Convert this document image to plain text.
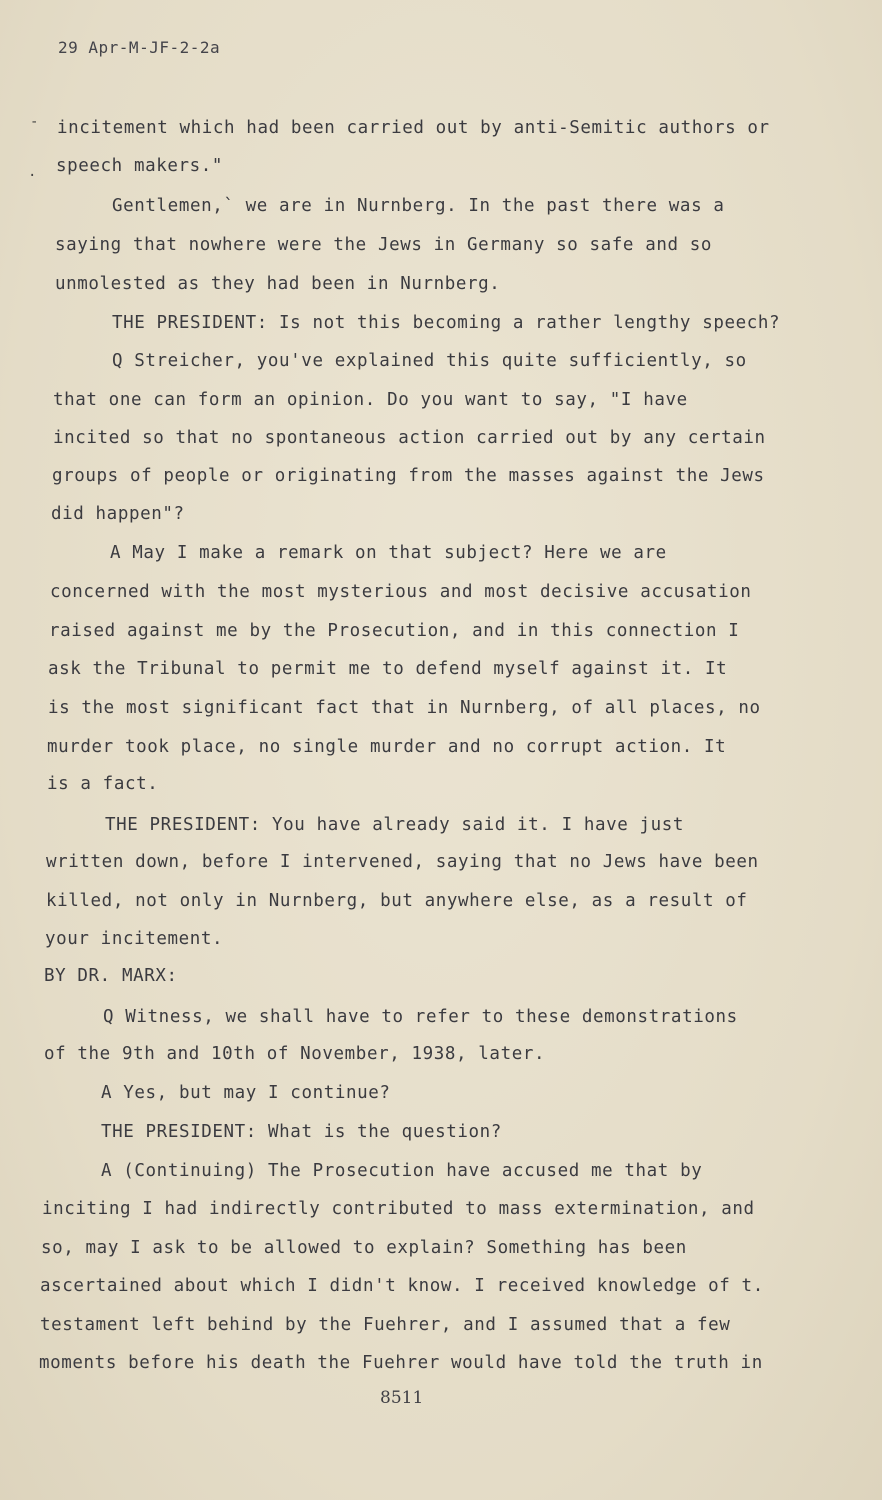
29 Apr-M-JF-2-2a
-
.
incitement which had been carried out by anti-Semitic authors or
speech makers."
Gentlemen,` we are in Nurnberg. In the past there was a
saying that nowhere were the Jews in Germany so safe and so
unmolested as they had been in Nurnberg.
THE PRESIDENT: Is not this becoming a rather lengthy speech?
Q Streicher, you've explained this quite sufficiently, so
that one can form an opinion. Do you want to say, "I have
incited so that no spontaneous action carried out by any certain
groups of people or originating from the masses against the Jews
did happen"?
A May I make a remark on that subject? Here we are
concerned with the most mysterious and most decisive accusation
raised against me by the Prosecution, and in this connection I
ask the Tribunal to permit me to defend myself against it. It
is the most significant fact that in Nurnberg, of all places, no
murder took place, no single murder and no corrupt action. It
is a fact.
THE PRESIDENT: You have already said it. I have just
written down, before I intervened, saying that no Jews have been
killed, not only in Nurnberg, but anywhere else, as a result of
your incitement.
BY DR. MARX:
Q Witness, we shall have to refer to these demonstrations
of the 9th and 10th of November, 1938, later.
A Yes, but may I continue?
THE PRESIDENT: What is the question?
A (Continuing) The Prosecution have accused me that by
inciting I had indirectly contributed to mass extermination, and
so, may I ask to be allowed to explain? Something has been
ascertained about which I didn't know. I received knowledge of t.
testament left behind by the Fuehrer, and I assumed that a few
moments before his death the Fuehrer would have told the truth in
8511
